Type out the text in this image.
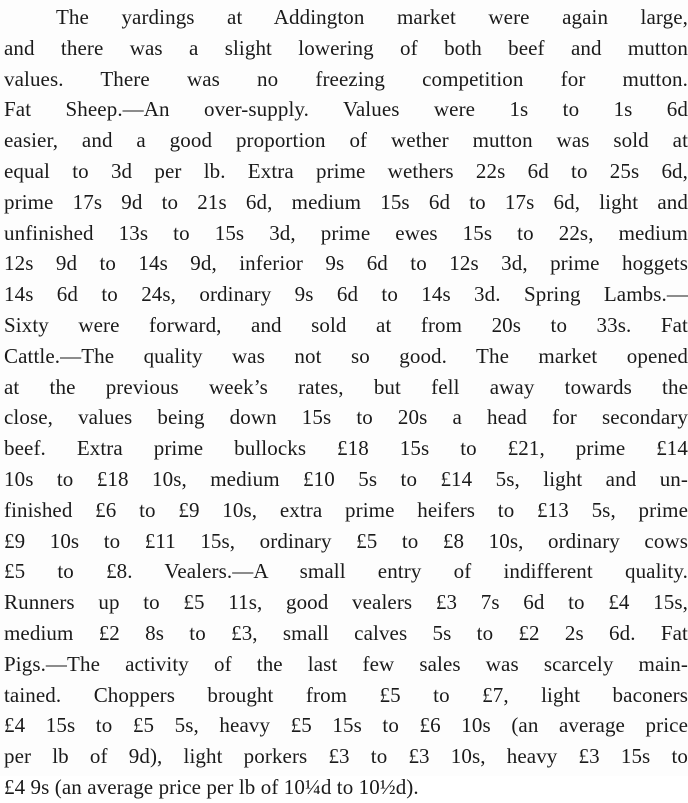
The yardings at Addington market were again large,
and there was a slight lowering of both beef and mutton
values. There was no freezing competition for mutton.
Fat Sheep.—An over-supply. Values were 1s to 1s 6d
easier, and a good proportion of wether mutton was sold at
equal to 3d per lb. Extra prime wethers 22s 6d to 25s 6d,
prime 17s 9d to 21s 6d, medium 15s 6d to 17s 6d, light and
unfinished 13s to 15s 3d, prime ewes 15s to 22s, medium
12s 9d to 14s 9d, inferior 9s 6d to 12s 3d, prime hoggets
14s 6d to 24s, ordinary 9s 6d to 14s 3d. Spring Lambs.—
Sixty were forward, and sold at from 20s to 33s. Fat
Cattle.—The quality was not so good. The market opened
at the previous week’s rates, but fell away towards the
close, values being down 15s to 20s a head for secondary
beef. Extra prime bullocks £18 15s to £21, prime £14
10s to £18 10s, medium £10 5s to £14 5s, light and un-
finished £6 to £9 10s, extra prime heifers to £13 5s, prime
£9 10s to £11 15s, ordinary £5 to £8 10s, ordinary cows
£5 to £8. Vealers.—A small entry of indifferent quality.
Runners up to £5 11s, good vealers £3 7s 6d to £4 15s,
medium £2 8s to £3, small calves 5s to £2 2s 6d. Fat
Pigs.—The activity of the last few sales was scarcely main-
tained. Choppers brought from £5 to £7, light baconers
£4 15s to £5 5s, heavy £5 15s to £6 10s (an average price
per lb of 9d), light porkers £3 to £3 10s, heavy £3 15s to
£4 9s (an average price per lb of 10¼d to 10½d).
